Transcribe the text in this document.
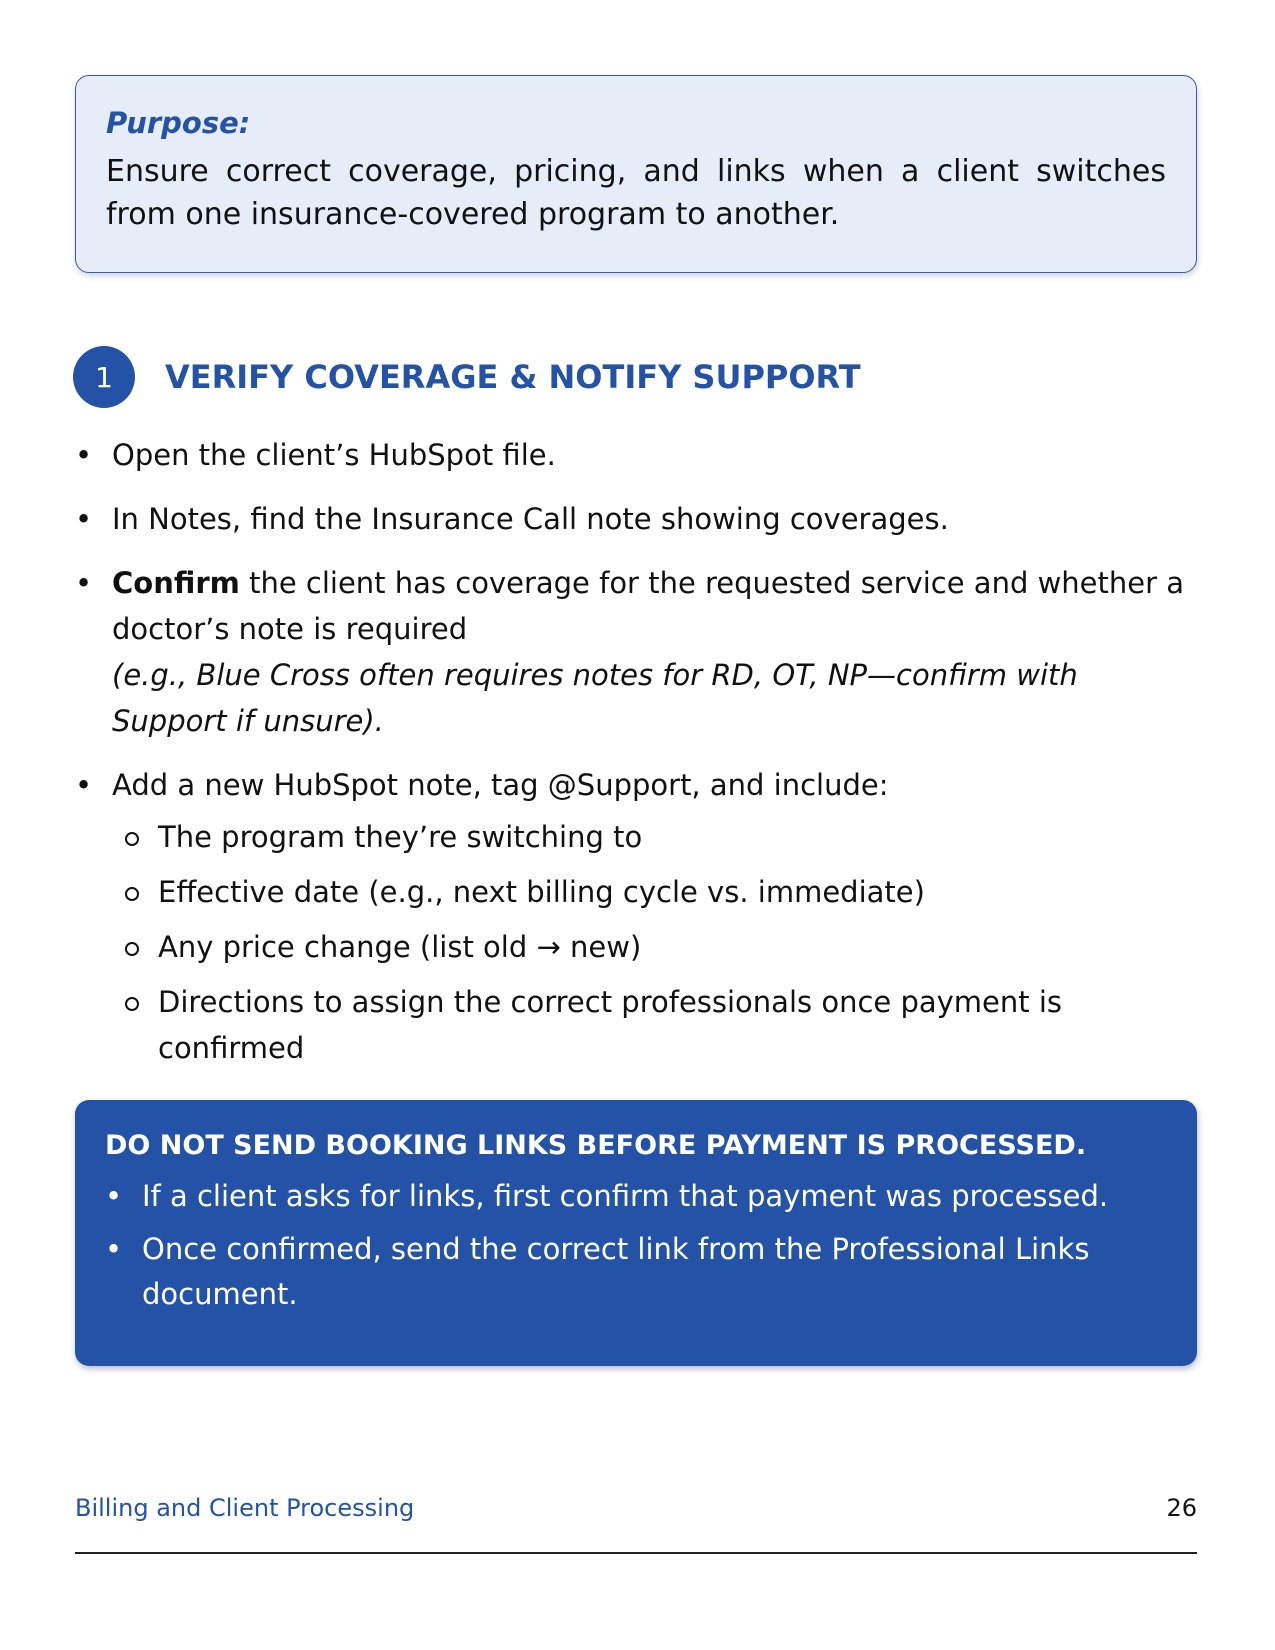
Purpose:
Ensure correct coverage, pricing, and links when a client switches from one insurance-covered program to another.
1	VERIFY COVERAGE & NOTIFY SUPPORT
• Open the client’s HubSpot file.
• In Notes, find the Insurance Call note showing coverages.
• Confirm the client has coverage for the requested service and whether a doctor’s note is required
(e.g., Blue Cross often requires notes for RD, OT, NP—confirm with Support if unsure).
• Add a new HubSpot note, tag @Support, and include:
The program they’re switching to
Effective date (e.g., next billing cycle vs. immediate)
Any price change (list old → new)
Directions to assign the correct professionals once payment is confirmed
DO NOT SEND BOOKING LINKS BEFORE PAYMENT IS PROCESSED.
• If a client asks for links, first confirm that payment was processed.
• Once confirmed, send the correct link from the Professional Links document.
Billing and Client Processing	26
